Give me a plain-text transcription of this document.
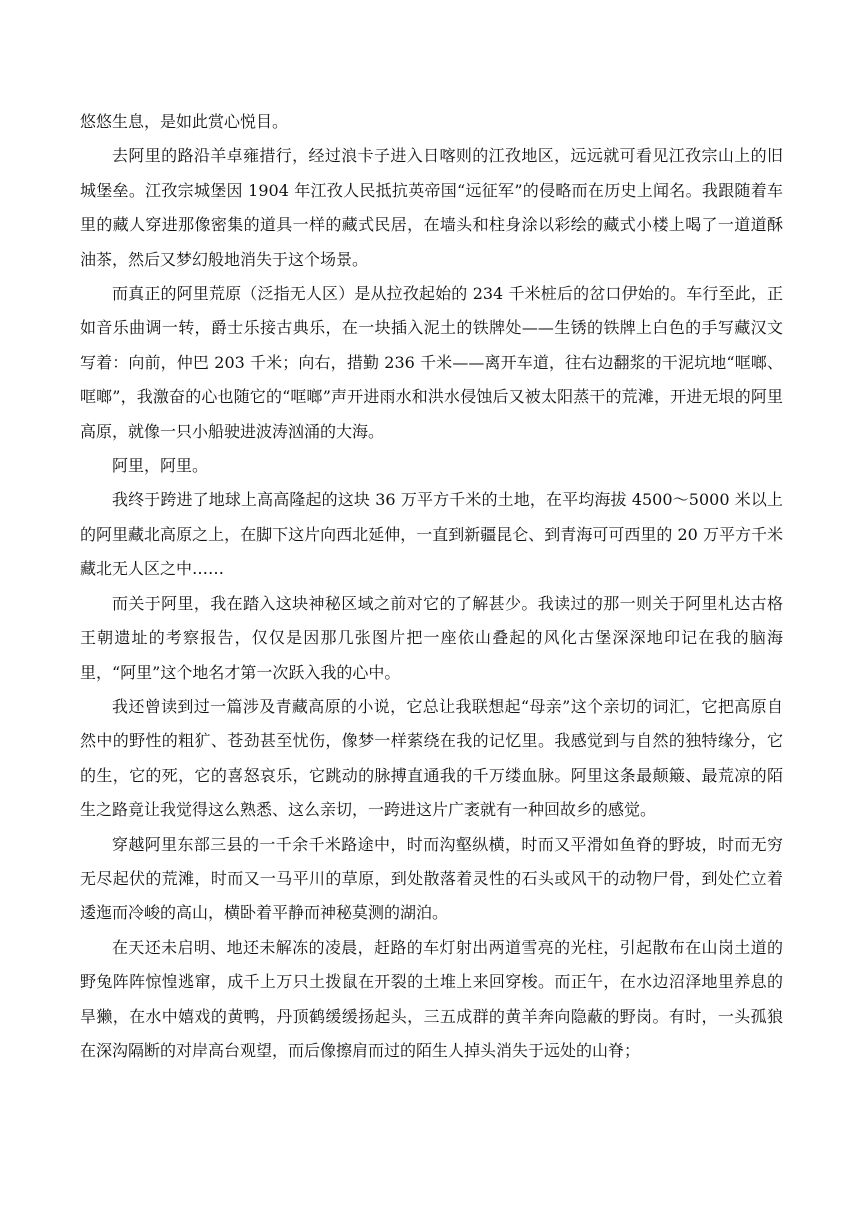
悠悠生息，是如此赏心悦目。

去阿里的路沿羊卓雍措行，经过浪卡子进入日喀则的江孜地区，远远就可看见江孜宗山上的旧城堡垒。江孜宗城堡因 1904 年江孜人民抵抗英帝国“远征军”的侵略而在历史上闻名。我跟随着车里的藏人穿进那像密集的道具一样的藏式民居，在墙头和柱身涂以彩绘的藏式小楼上喝了一道道酥油茶，然后又梦幻般地消失于这个场景。

而真正的阿里荒原（泛指无人区）是从拉孜起始的 234 千米桩后的岔口伊始的。车行至此，正如音乐曲调一转，爵士乐接古典乐，在一块插入泥土的铁牌处——生锈的铁牌上白色的手写藏汉文写着：向前，仲巴 203 千米；向右，措勤 236 千米——离开车道，往右边翻浆的干泥坑地“哐啷、哐啷”，我激奋的心也随它的“哐啷”声开进雨水和洪水侵蚀后又被太阳蒸干的荒滩，开进无垠的阿里高原，就像一只小船驶进波涛汹涌的大海。

阿里，阿里。

我终于跨进了地球上高高隆起的这块 36 万平方千米的土地，在平均海拔 4500～5000 米以上的阿里藏北高原之上，在脚下这片向西北延伸，一直到新疆昆仑、到青海可可西里的 20 万平方千米藏北无人区之中……

而关于阿里，我在踏入这块神秘区域之前对它的了解甚少。我读过的那一则关于阿里札达古格王朝遗址的考察报告，仅仅是因那几张图片把一座依山叠起的风化古堡深深地印记在我的脑海里，“阿里”这个地名才第一次跃入我的心中。

我还曾读到过一篇涉及青藏高原的小说，它总让我联想起“母亲”这个亲切的词汇，它把高原自然中的野性的粗犷、苍劲甚至忧伤，像梦一样萦绕在我的记忆里。我感觉到与自然的独特缘分，它的生，它的死，它的喜怒哀乐，它跳动的脉搏直通我的千万缕血脉。阿里这条最颠簸、最荒凉的陌生之路竟让我觉得这么熟悉、这么亲切，一跨进这片广袤就有一种回故乡的感觉。

穿越阿里东部三县的一千余千米路途中，时而沟壑纵横，时而又平滑如鱼脊的野坡，时而无穷无尽起伏的荒滩，时而又一马平川的草原，到处散落着灵性的石头或风干的动物尸骨，到处伫立着逶迤而冷峻的高山，横卧着平静而神秘莫测的湖泊。

在天还未启明、地还未解冻的凌晨，赶路的车灯射出两道雪亮的光柱，引起散布在山岗土道的野兔阵阵惊惶逃窜，成千上万只土拨鼠在开裂的土堆上来回穿梭。而正午，在水边沼泽地里养息的旱獭，在水中嬉戏的黄鸭，丹顶鹤缓缓扬起头，三五成群的黄羊奔向隐蔽的野岗。有时，一头孤狼在深沟隔断的对岸高台观望，而后像擦肩而过的陌生人掉头消失于远处的山脊；
